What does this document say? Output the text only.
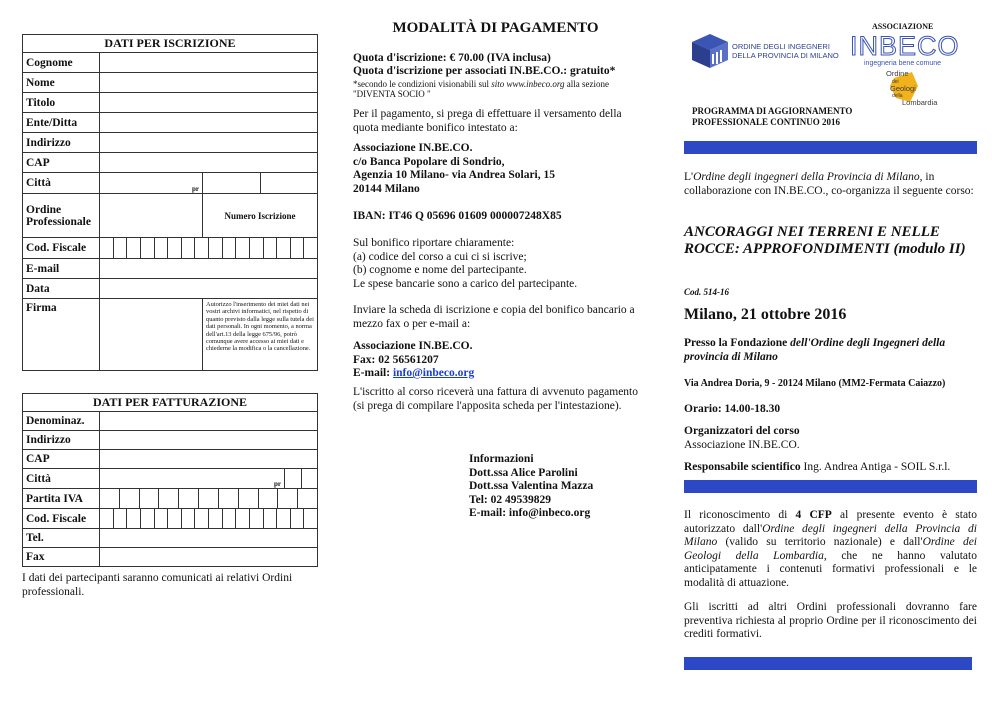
DATI PER ISCRIZIONE		
Cognome		
Nome		
Titolo		
Ente/Ditta		
Indirizzo		
CAP		
Città	pr	

Ordine Professionale		Numero Iscrizione
Cod. Fiscale		

E-mail		
Data		
Firma		Autorizzo l'inserimento dei miei dati nei vostri archivi informatici, nel rispetto di quanto previsto dalla legge sulla tutela dei dati personali. In ogni momento, a norma dell'art.13 della legge 675/96, potrò comunque avere accesso ai miei dati e chiederne la modifica o la cancellazione.
DATI PER FATTURAZIONE		
Denominaz.		
Indirizzo		
CAP		
Città	pr	

Partita IVA		

Cod. Fiscale		

Tel.		
Fax		

I dati dei partecipanti saranno comunicati ai relativi Ordini professionali.

MODALITÀ DI PAGAMENTO

Quota d'iscrizione: € 70.00 (IVA inclusa)

Quota d'iscrizione per associati IN.BE.CO.: gratuito*

*secondo le condizioni visionabili sul sito www.inbeco.org alla sezione "DIVENTA SOCIO "

Per il pagamento, si prega di effettuare il versamento della quota mediante bonifico intestato a:

Associazione IN.BE.CO.
c/o Banca Popolare di Sondrio,
Agenzia 10 Milano- via Andrea Solari, 15
20144 Milano

IBAN: IT46 Q 05696 01609 000007248X85

Sul bonifico riportare chiaramente:
(a) codice del corso a cui ci si iscrive;
(b) cognome e nome del partecipante.
Le spese bancarie sono a carico del partecipante.

Inviare la scheda di iscrizione e copia del bonifico bancario a mezzo fax o per e-mail a:

Associazione IN.BE.CO.
Fax: 02 56561207
E-mail: info@inbeco.org

L'iscritto al corso riceverà una fattura di avvenuto pagamento (si prega di compilare l'apposita scheda per l'intestazione).

Informazioni
Dott.ssa Alice Parolini
Dott.ssa Valentina Mazza
Tel: 02 49539829
E-mail: info@inbeco.org
ASSOCIAZIONE
ORDINE DEGLI INGEGNERI
DELLA PROVINCIA DI MILANO INBECO
ingegneria bene comune
Ordine
dei
Geologi
della
Lombardia
PROGRAMMA DI AGGIORNAMENTO
PROFESSIONALE CONTINUO 2016

L'Ordine degli ingegneri della Provincia di Milano, in collaborazione con IN.BE.CO., co-organizza il seguente corso:

ANCORAGGI NEI TERRENI E NELLE ROCCE: APPROFONDIMENTI (modulo II)
Cod. 514-16
Milano, 21 ottobre 2016

Presso la Fondazione dell'Ordine degli Ingegneri della provincia di Milano

Via Andrea Doria, 9 - 20124 Milano (MM2-Fermata Caiazzo)
Orario: 14.00-18.30
Organizzatori del corso
Associazione IN.BE.CO.

Responsabile scientifico Ing. Andrea Antiga - SOIL S.r.l.

Il riconoscimento di 4 CFP al presente evento è stato autorizzato dall'Ordine degli ingegneri della Provincia di Milano (valido su territorio nazionale) e dall'Ordine dei Geologi della Lombardia, che ne hanno valutato anticipatamente i contenuti formativi professionali e le modalità di attuazione.

Gli iscritti ad altri Ordini professionali dovranno fare preventiva richiesta al proprio Ordine per il riconoscimento dei crediti formativi.
